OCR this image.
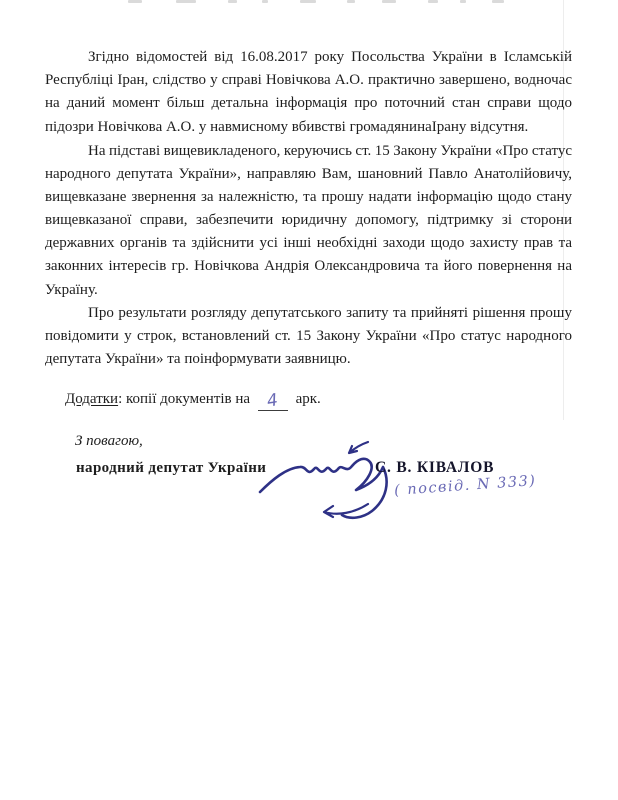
Згідно відомостей від 16.08.2017 року Посольства України в Ісламській
Республіці Іран, слідство у справі Новічкова А.О. практично завершено, водночас
на даний момент більш детальна інформація про поточний стан справи щодо
підозри Новічкова А.О. у навмисному вбивстві громадянинаІрану відсутня.
На підставі вищевикладеного, керуючись ст. 15 Закону України «Про статус
народного депутата України», направляю Вам, шановний Павло Анатолійовичу,
вищевказане звернення за належністю, та прошу надати інформацію щодо стану
вищевказаної справи, забезпечити юридичну допомогу, підтримку зі сторони
державних органів та здійснити усі інші необхідні заходи щодо захисту прав та
законних інтересів гр. Новічкова Андрія Олександровича та його повернення на
Україну.
Про результати розгляду депутатського запиту та прийняті рішення прошу
повідомити у строк, встановлений ст. 15 Закону України «Про статус народного
депутата України» та поінформувати заявницю.
Додатки: копії документів на 4 арк.
З повагою,
народний депутат України	С. В. КІВАЛОВ
( посвід. N 333)
